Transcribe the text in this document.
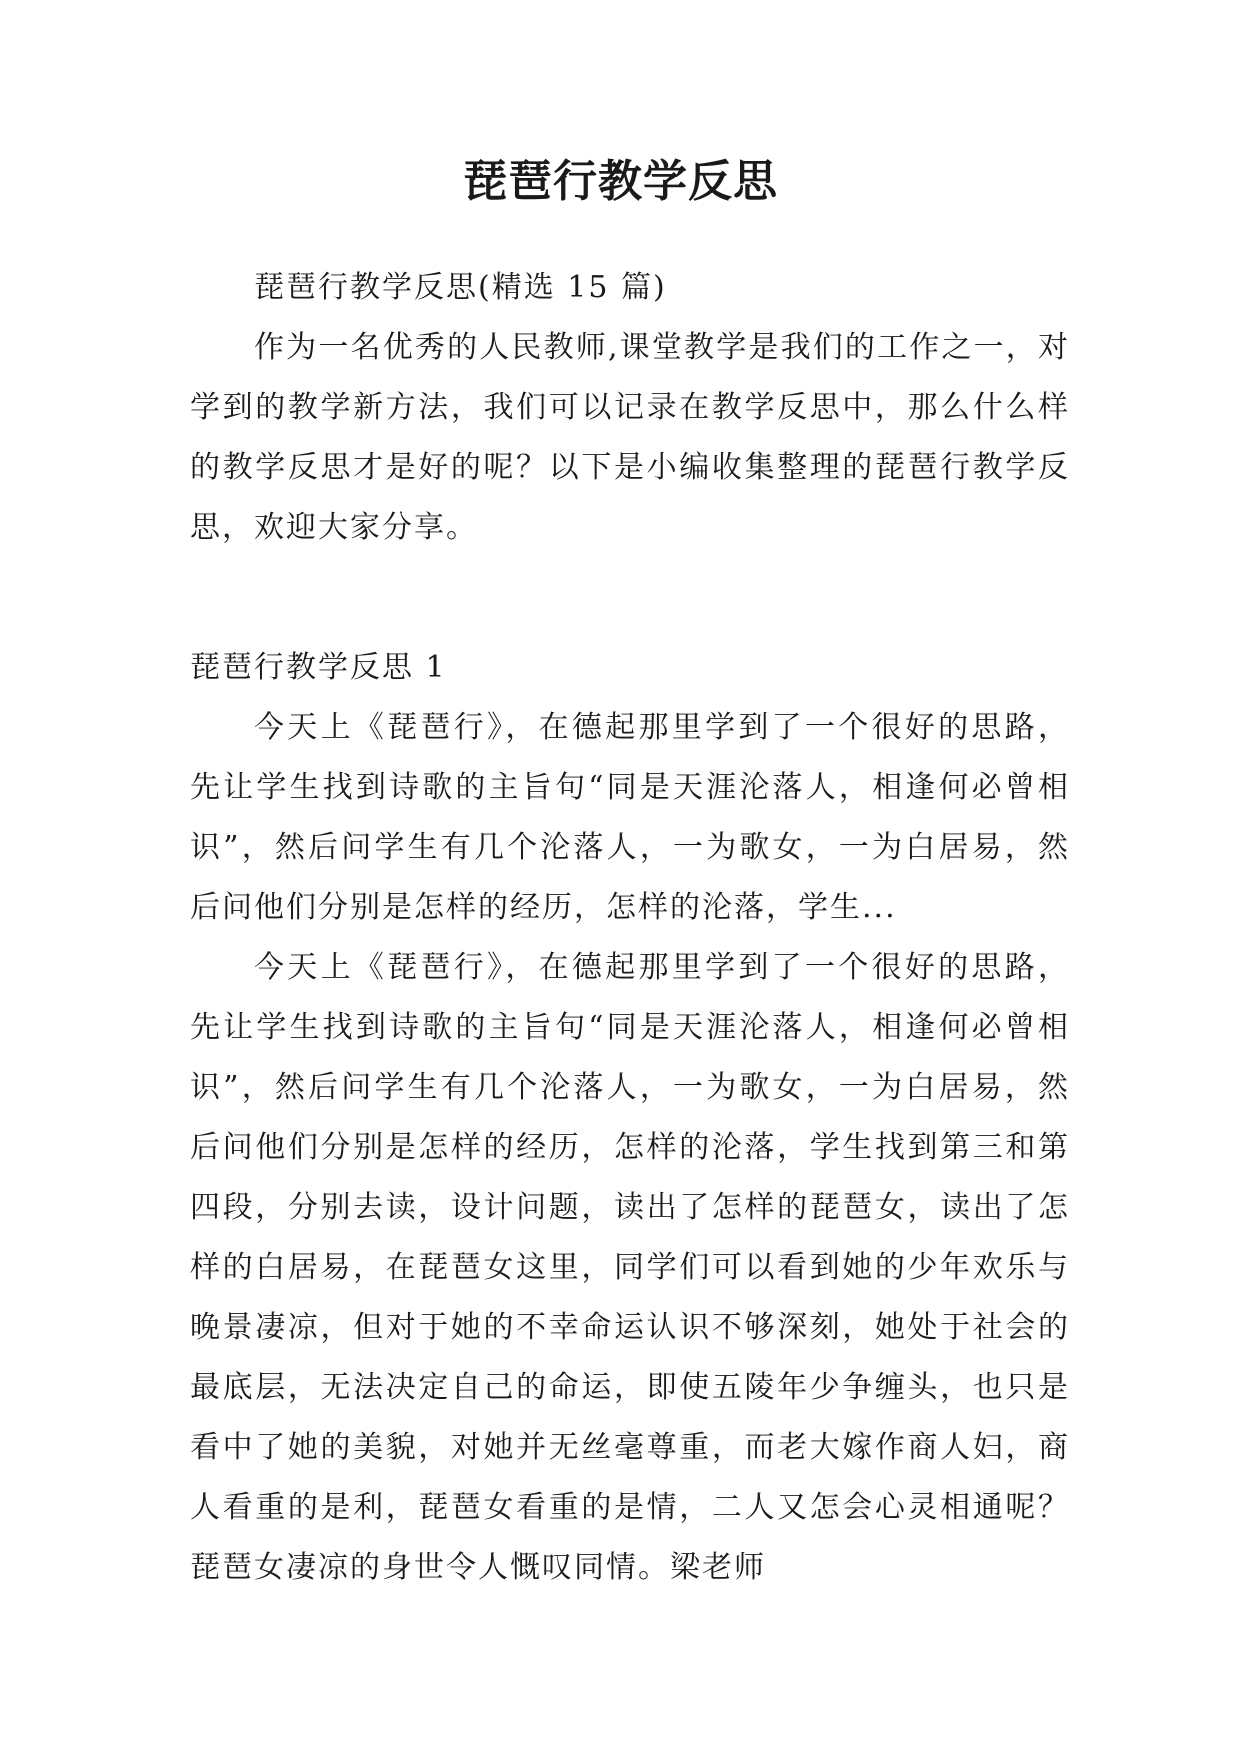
琵琶行教学反思

琵琶行教学反思(精选 15 篇)

作为一名优秀的人民教师,课堂教学是我们的工作之一，对学到的教学新方法，我们可以记录在教学反思中，那么什么样的教学反思才是好的呢？以下是小编收集整理的琵琶行教学反思，欢迎大家分享。

琵琶行教学反思 1

今天上《琵琶行》，在德起那里学到了一个很好的思路，先让学生找到诗歌的主旨句“同是天涯沦落人，相逢何必曾相识”，然后问学生有几个沦落人，一为歌女，一为白居易，然后问他们分别是怎样的经历，怎样的沦落，学生...

今天上《琵琶行》，在德起那里学到了一个很好的思路，先让学生找到诗歌的主旨句“同是天涯沦落人，相逢何必曾相识”，然后问学生有几个沦落人，一为歌女，一为白居易，然后问他们分别是怎样的经历，怎样的沦落，学生找到第三和第四段，分别去读，设计问题，读出了怎样的琵琶女，读出了怎样的白居易，在琵琶女这里，同学们可以看到她的少年欢乐与晚景凄凉，但对于她的不幸命运认识不够深刻，她处于社会的最底层，无法决定自己的命运，即使五陵年少争缠头，也只是看中了她的美貌，对她并无丝毫尊重，而老大嫁作商人妇，商人看重的是利，琵琶女看重的是情，二人又怎会心灵相通呢？琵琶女凄凉的身世令人慨叹同情。梁老师
